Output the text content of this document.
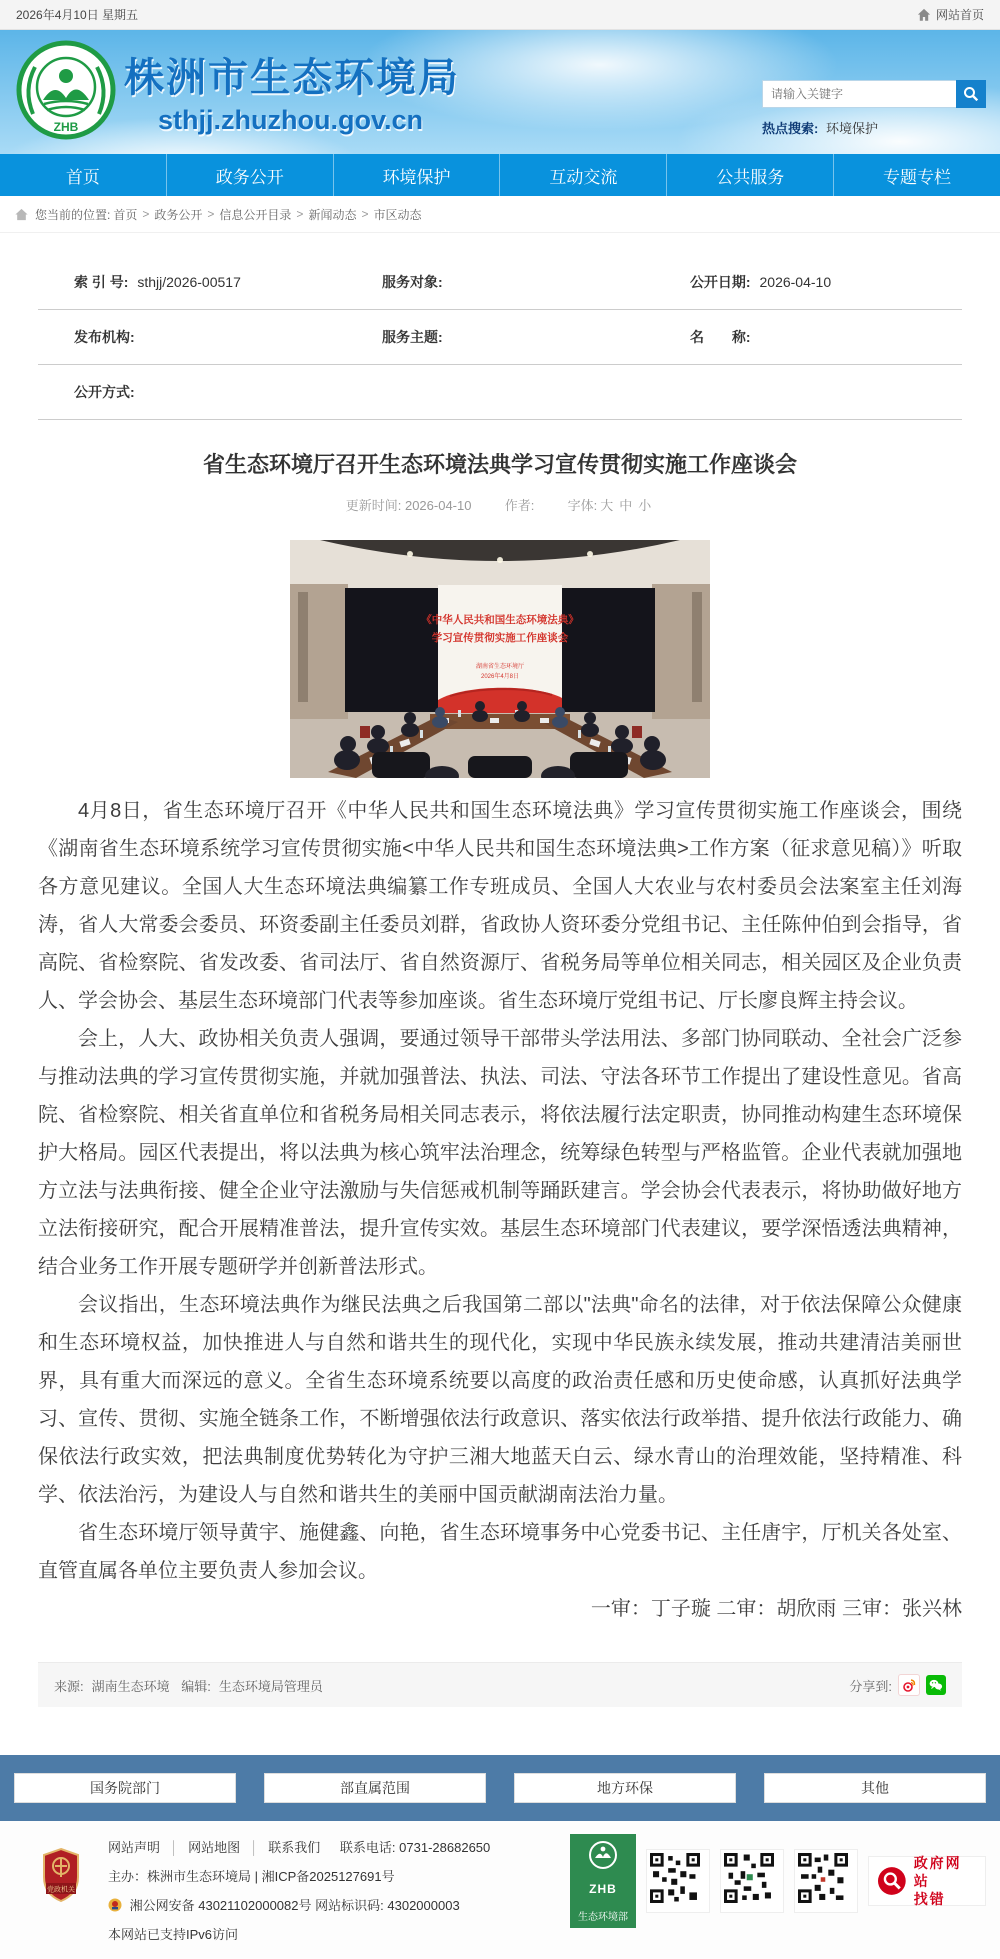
2026年4月10日 星期五	网站首页
ZHB
株洲市生态环境局
sthjj.zhuzhou.gov.cn
请输入关键字	热点搜索: 环境保护
首页	政务公开	环境保护	互动交流	公共服务	专题专栏
您当前的位置: 首页 > 政务公开 > 信息公开目录 > 新闻动态 > 市区动态
索 引 号: sthjj/2026-00517	服务对象:	公开日期: 2026-04-10
发布机构:	服务主题:	名　　称:
公开方式:
省生态环境厅召开生态环境法典学习宣传贯彻实施工作座谈会
更新时间: 2026-04-10	作者:	字体: 大 中 小
《中华人民共和国生态环境法典》
学习宣传贯彻实施工作座谈会
湖南省生态环境厅
2026年4月8日

4月8日，省生态环境厅召开《中华人民共和国生态环境法典》学习宣传贯彻实施工作座谈会，围绕《湖南省生态环境系统学习宣传贯彻实施<中华人民共和国生态环境法典>工作方案（征求意见稿）》听取各方意见建议。全国人大生态环境法典编纂工作专班成员、全国人大农业与农村委员会法案室主任刘海涛，省人大常委会委员、环资委副主任委员刘群，省政协人资环委分党组书记、主任陈仲伯到会指导，省高院、省检察院、省发改委、省司法厅、省自然资源厅、省税务局等单位相关同志，相关园区及企业负责人、学会协会、基层生态环境部门代表等参加座谈。省生态环境厅党组书记、厅长廖良辉主持会议。

会上，人大、政协相关负责人强调，要通过领导干部带头学法用法、多部门协同联动、全社会广泛参与推动法典的学习宣传贯彻实施，并就加强普法、执法、司法、守法各环节工作提出了建设性意见。省高院、省检察院、相关省直单位和省税务局相关同志表示，将依法履行法定职责，协同推动构建生态环境保护大格局。园区代表提出，将以法典为核心筑牢法治理念，统筹绿色转型与严格监管。企业代表就加强地方立法与法典衔接、健全企业守法激励与失信惩戒机制等踊跃建言。学会协会代表表示，将协助做好地方立法衔接研究，配合开展精准普法，提升宣传实效。基层生态环境部门代表建议，要学深悟透法典精神，结合业务工作开展专题研学并创新普法形式。

会议指出，生态环境法典作为继民法典之后我国第二部以"法典"命名的法律，对于依法保障公众健康和生态环境权益，加快推进人与自然和谐共生的现代化，实现中华民族永续发展，推动共建清洁美丽世界，具有重大而深远的意义。全省生态环境系统要以高度的政治责任感和历史使命感，认真抓好法典学习、宣传、贯彻、实施全链条工作，不断增强依法行政意识、落实依法行政举措、提升依法行政能力、确保依法行政实效，把法典制度优势转化为守护三湘大地蓝天白云、绿水青山的治理效能，坚持精准、科学、依法治污，为建设人与自然和谐共生的美丽中国贡献湖南法治力量。

省生态环境厅领导黄宇、施健鑫、向艳，省生态环境事务中心党委书记、主任唐宇，厅机关各处室、直管直属各单位主要负责人参加会议。

一审：丁子璇 二审：胡欣雨 三审：张兴林

来源: 湖南生态环境 编辑: 生态环境局管理员	分享到:
国务院部门	部直属范围	地方环保	其他
党政机关
网站声明 │ 网站地图 │ 联系我们 联系电话: 0731-28682650
主办：株洲市生态环境局 | 湘ICP备2025127691号
湘公网安备 43021102000082号 网站标识码: 4302000003
本网站已支持IPv6访问
ZHB
生态环境部
政府网站
找错
